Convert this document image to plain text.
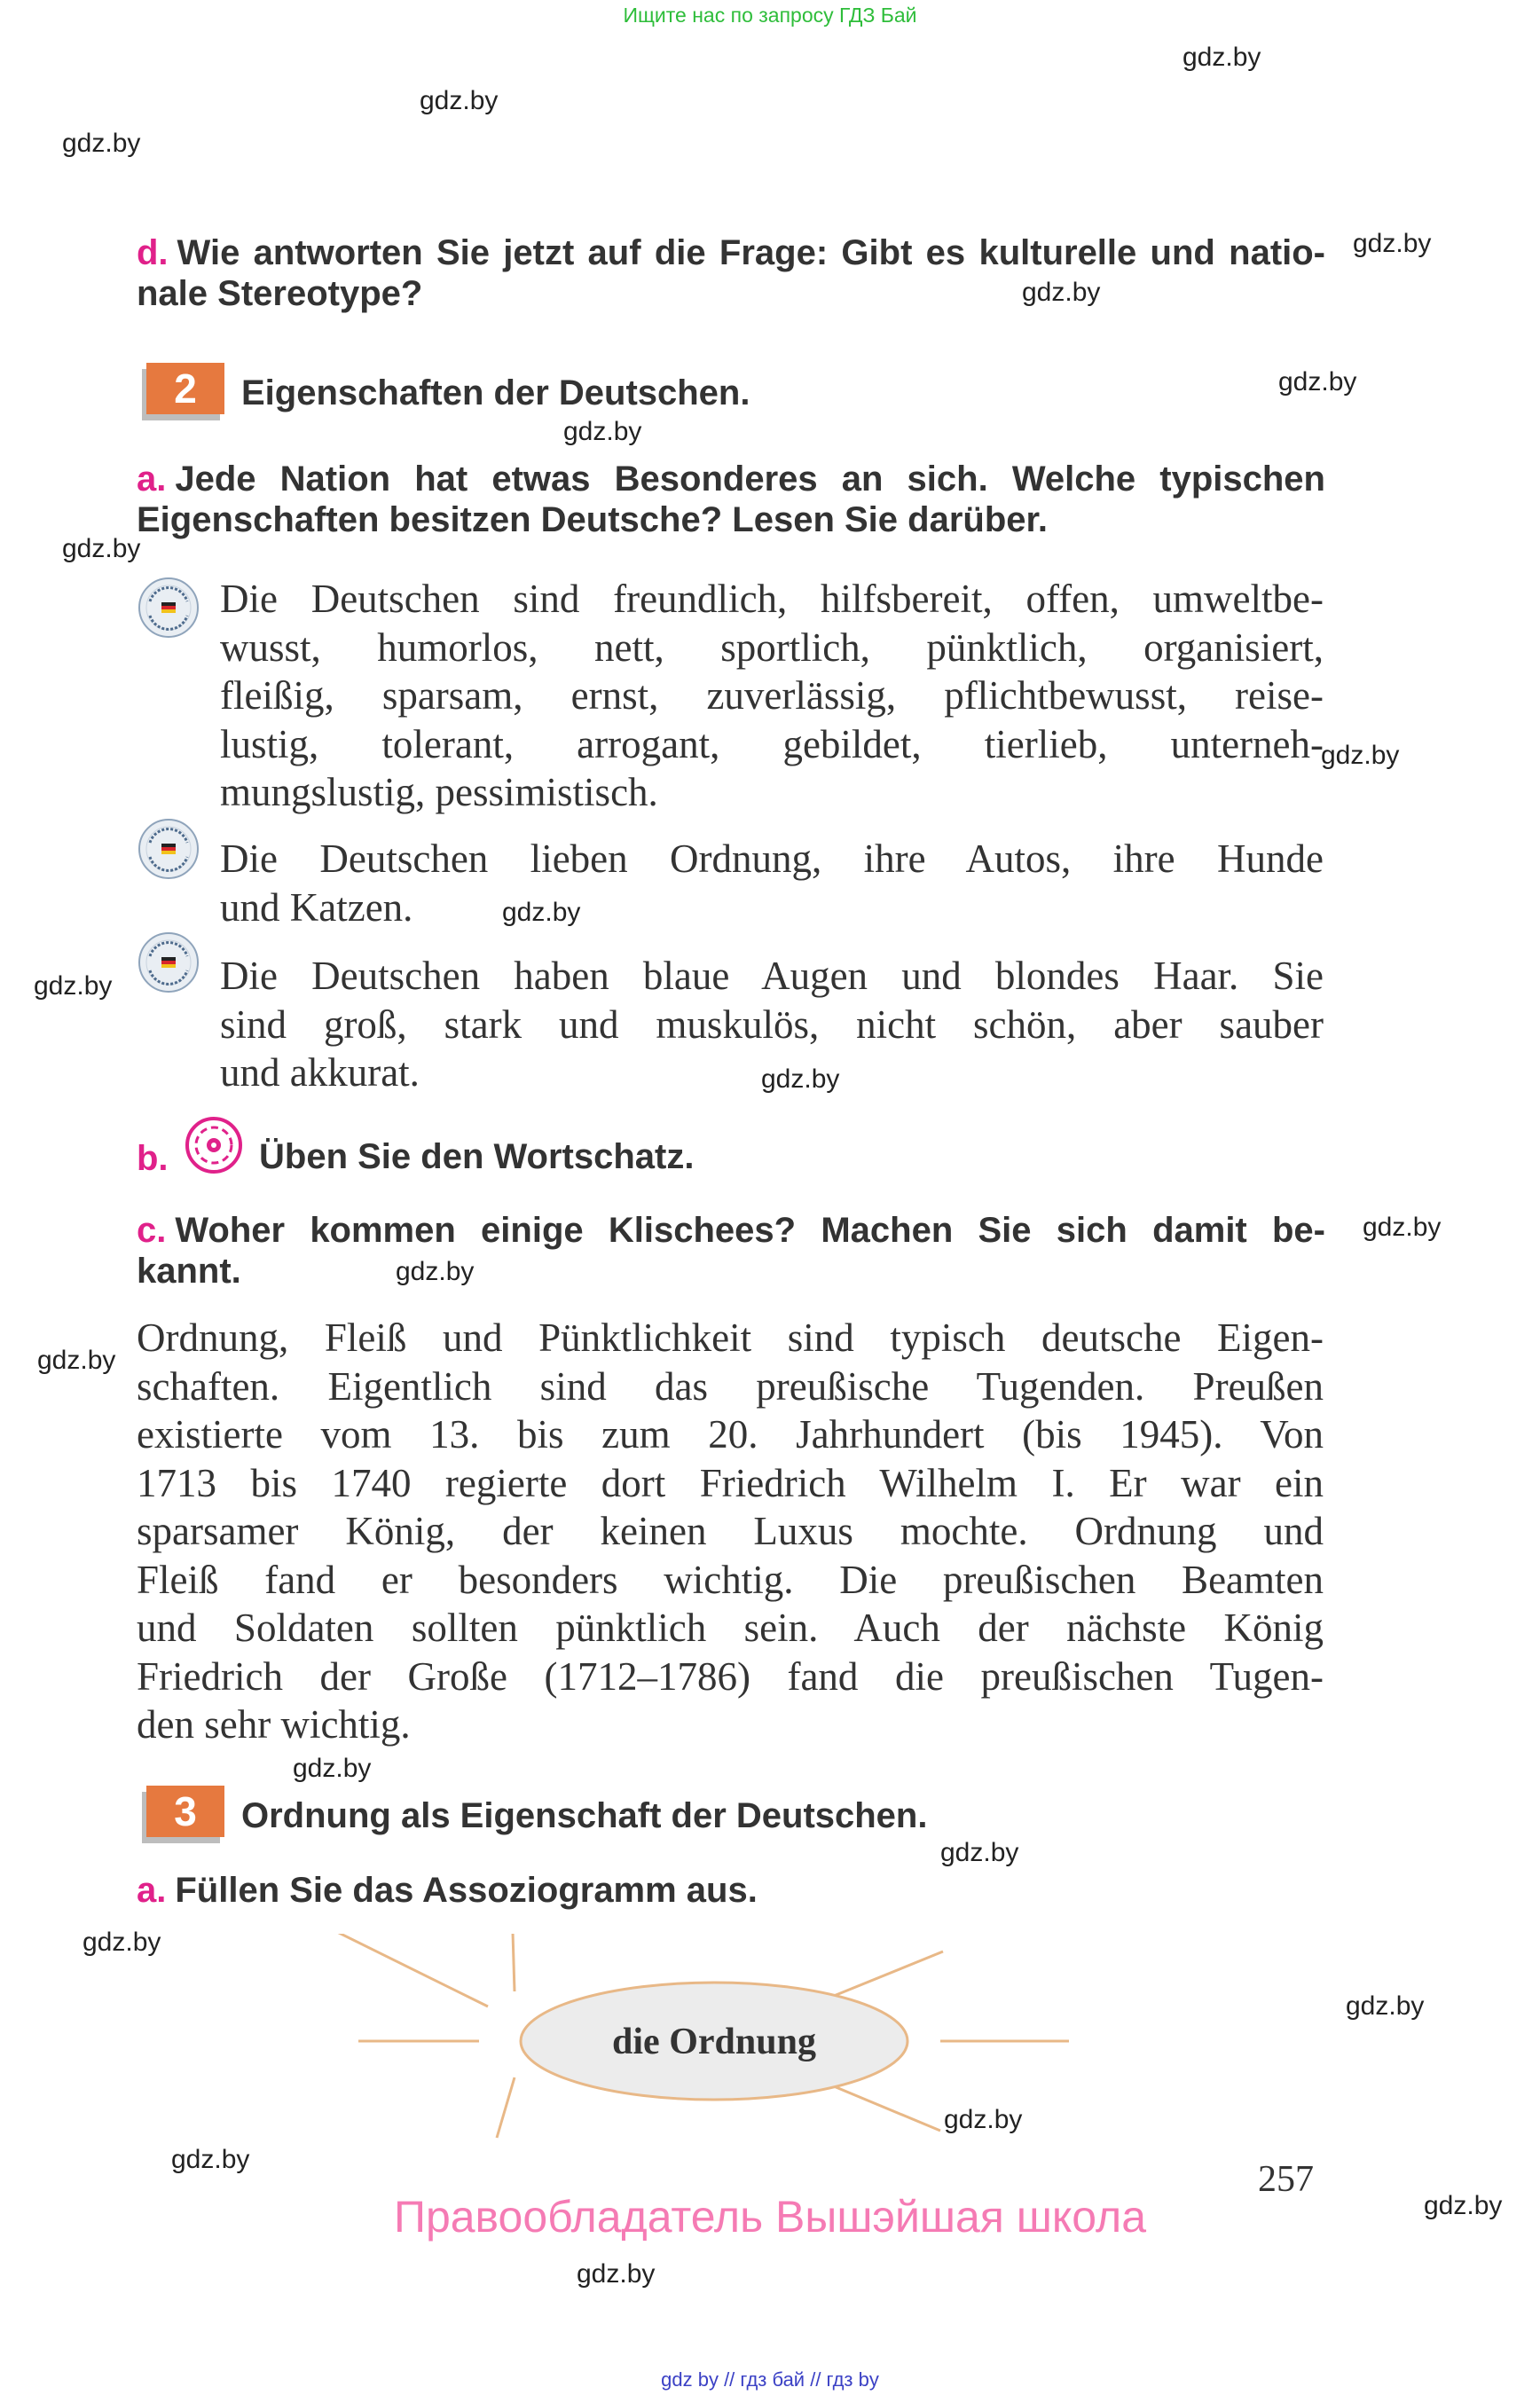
Ищите нас по запросу ГДЗ Бай
gdz.by
gdz.by
gdz.by
gdz.by
gdz.by
gdz.by
gdz.by
gdz.by
gdz.by
gdz.by
gdz.by
gdz.by
gdz.by
gdz.by
gdz.by
gdz.by
gdz.by
gdz.by
gdz.by
gdz.by
gdz.by
gdz.by
gdz.by
d. Wie antworten Sie jetzt auf die Frage: Gibt es kulturelle und natio-
nale Stereotype?
2	Eigenschaften der Deutschen.
a. Jede Nation hat etwas Besonderes an sich. Welche typischen
Eigenschaften besitzen Deutsche? Lesen Sie darüber.
Die Deutschen sind freundlich, hilfsbereit, offen, umweltbe-
wusst, humorlos, nett, sportlich, pünktlich, organisiert,
fleißig, sparsam, ernst, zuverlässig, pflichtbewusst, reise-
lustig, tolerant, arrogant, gebildet, tierlieb, unterneh-
mungslustig, pessimistisch.
Die Deutschen lieben Ordnung, ihre Autos, ihre Hunde
und Katzen.
Die Deutschen haben blaue Augen und blondes Haar. Sie
sind groß, stark und muskulös, nicht schön, aber sauber
und akkurat.
b.	Üben Sie den Wortschatz.
c. Woher kommen einige Klischees? Machen Sie sich damit be-
kannt.
Ordnung, Fleiß und Pünktlichkeit sind typisch deutsche Eigen-
schaften. Eigentlich sind das preußische Tugenden. Preußen
existierte vom 13. bis zum 20. Jahrhundert (bis 1945). Von
1713 bis 1740 regierte dort Friedrich Wilhelm I. Er war ein
sparsamer König, der keinen Luxus mochte. Ordnung und
Fleiß fand er besonders wichtig. Die preußischen Beamten
und Soldaten sollten pünktlich sein. Auch der nächste König
Friedrich der Große (1712–1786) fand die preußischen Tugen-
den sehr wichtig.
3	Ordnung als Eigenschaft der Deutschen.
a. Füllen Sie das Assoziogramm aus.
die Ordnung
257
Правообладатель Вышэйшая школа
gdz by // гдз бай // гдз by
